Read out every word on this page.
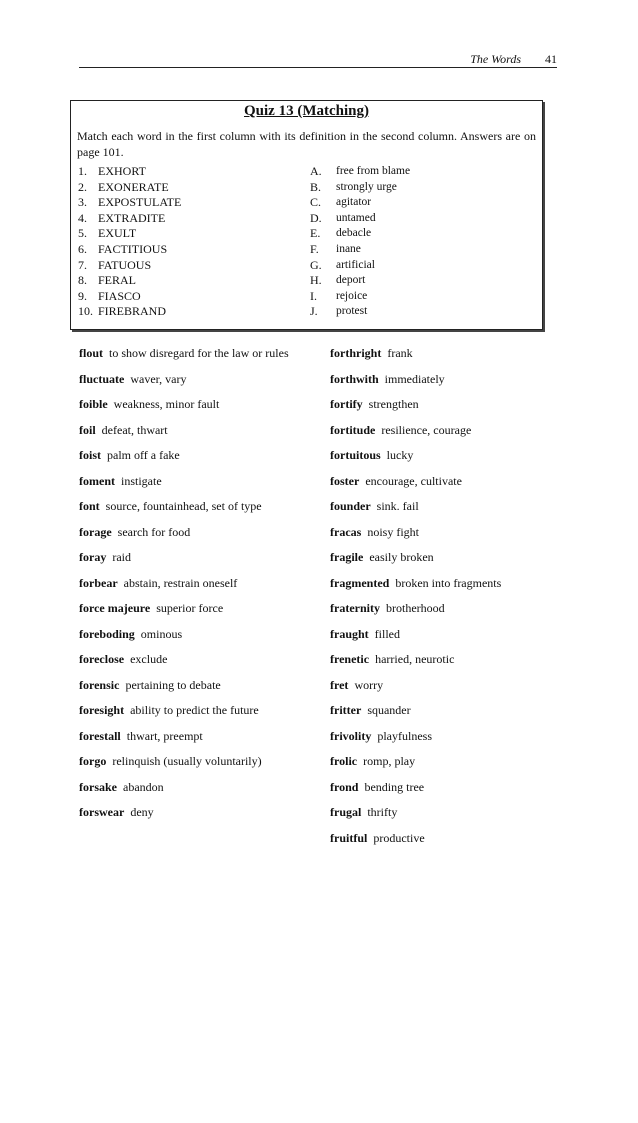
The Words 41
Quiz 13 (Matching)
Match each word in the first column with its definition in the second column. Answers are on page 101.
1. EXHORT	A.	free from blame
2. EXONERATE	B.	strongly urge
3. EXPOSTULATE	C.	agitator
4. EXTRADITE	D.	untamed
5. EXULT	E.	debacle
6. FACTITIOUS	F.	inane
7. FATUOUS	G.	artificial
8. FERAL	H.	deport
9. FIASCO	I.	rejoice
10. FIREBRAND	J.	protest
flout to show disregard for the law or rules
fluctuate waver, vary
foible weakness, minor fault
foil defeat, thwart
foist palm off a fake
foment instigate
font source, fountainhead, set of type
forage search for food
foray raid
forbear abstain, restrain oneself
force majeure superior force
foreboding ominous
foreclose exclude
forensic pertaining to debate
foresight ability to predict the future
forestall thwart, preempt
forgo relinquish (usually voluntarily)
forsake abandon
forswear deny
forthright frank
forthwith immediately
fortify strengthen
fortitude resilience, courage
fortuitous lucky
foster encourage, cultivate
founder sink. fail
fracas noisy fight
fragile easily broken
fragmented broken into fragments
fraternity brotherhood
fraught filled
frenetic harried, neurotic
fret worry
fritter squander
frivolity playfulness
frolic romp, play
frond bending tree
frugal thrifty
fruitful productive
